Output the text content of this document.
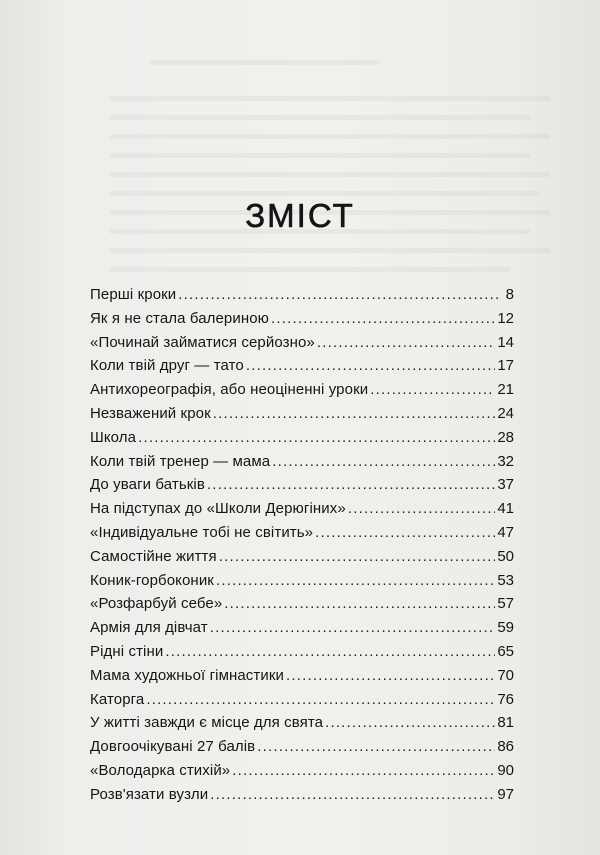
ЗМІСТ
Перші кроки .....	8
Як я не стала балериною .....	12
«Починай займатися серйозно» .....	14
Коли твій друг — тато .....	17
Антихореографія, або неоціненні уроки .....	21
Незважений крок .....	24
Школа .....	28
Коли твій тренер — мама .....	32
До уваги батьків .....	37
На підступах до «Школи Дерюгіних» .....	41
«Індивідуальне тобі не світить» .....	47
Самостійне життя .....	50
Коник-горбоконик .....	53
«Розфарбуй себе» .....	57
Армія для дівчат .....	59
Рідні стіни .....	65
Мама художньої гімнастики .....	70
Каторга .....	76
У житті завжди є місце для свята .....	81
Довгоочікувані 27 балів .....	86
«Володарка стихій» .....	90
Розв'язати вузли .....	97
